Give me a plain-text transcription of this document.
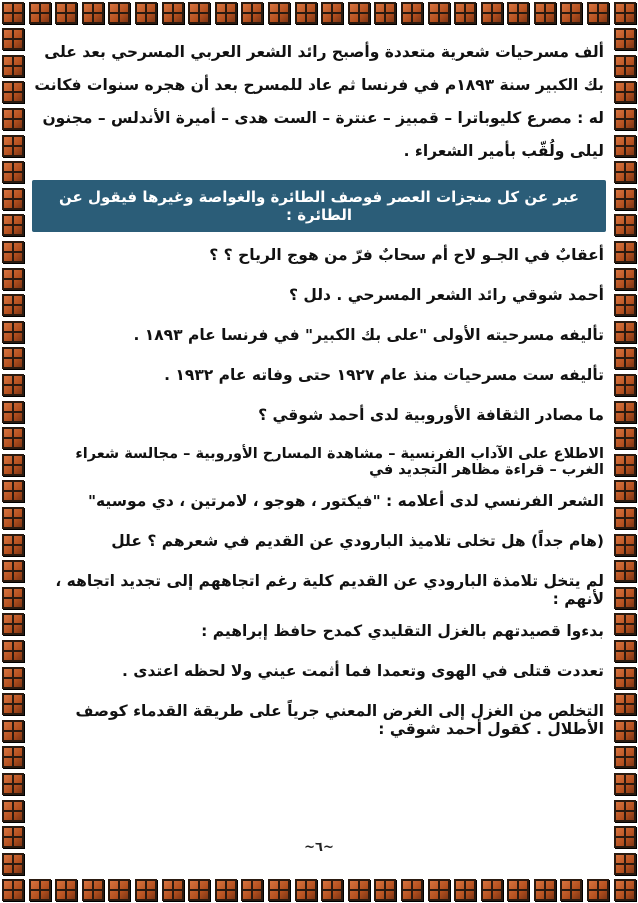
ألف مسرحيات شعرية متعددة وأصبح رائد الشعر العربي المسرحي بعد على بك الكبير سنة ١٨٩٣م في فرنسا ثم عاد للمسرح بعد أن هجره سنوات فكانت له : مصرع كليوباترا – قمبيز – عنترة – الست هدى – أميرة الأندلس – مجنون ليلى ولُقّب بأمير الشعراء .

عبر عن كل منجزات العصر فوصف الطائرة والغواصة وغيرها فيقول عن الطائرة :

أعقابٌ في الجـو لاح أم سحابٌ فرّ من هوج الرياح ؟ ؟

أحمد شوقي رائد الشعر المسرحي . دلل ؟

تأليفه مسرحيته الأولى "على بك الكبير" في فرنسا عام ١٨٩٣ .

تأليفه ست مسرحيات منذ عام ١٩٢٧ حتى وفاته عام ١٩٣٢ .

ما مصادر الثقافة الأوروبية لدى أحمد شوقي ؟

الاطلاع على الآداب الفرنسية – مشاهدة المسارح الأوروبية – مجالسة شعراء الغرب – قراءة مظاهر التجديد في

الشعر الفرنسي لدى أعلامه : "فيكتور ، هوجو ، لامرتين ، دي موسيه"

(هام جداً) هل تخلى تلاميذ البارودي عن القديم في شعرهم ؟ علل

لم يتخل تلامذة البارودي عن القديم كلية رغم اتجاههم إلى تجديد اتجاهه ، لأنهم :

بدءوا قصيدتهم بالغزل التقليدي كمدح حافظ إبراهيم :

تعددت قتلى في الهوى وتعمدا فما أثمت عيني ولا لحظه اعتدى .

التخلص من الغزل إلى الغرض المعني جرياً على طريقة القدماء كوصف الأطلال . كقول أحمد شوقي :

~٦~
